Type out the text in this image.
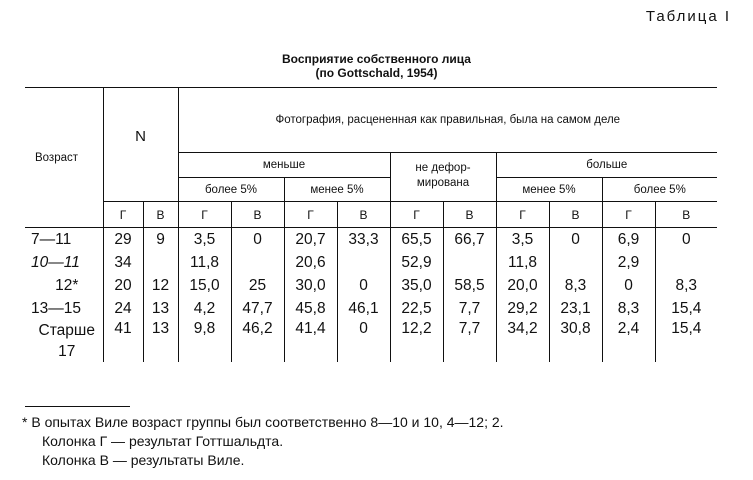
Таблица I
Восприятие собственного лица
(по Gottschald, 1954)
Возраст	N		Фотография, расцененная как правильная, была на самом деле									
			меньше				не дефор-мирована		больше			
			более 5%		менее 5%				менее 5%		более 5%	
	Г	В	Г	В	Г	В	Г	В	Г	В	Г	В
7—11	29	9	3,5	0	20,7	33,3	65,5	66,7	3,5	0	6,9	0
10—11	34		11,8		20,6		52,9		11,8		2,9	
12*	20	12	15,0	25	30,0	0	35,0	58,5	20,0	8,3	0	8,3
13—15	24	13	4,2	47,7	45,8	46,1	22,5	7,7	29,2	23,1	8,3	15,4
Старше 17	41	13	9,8	46,2	41,4	0	12,2	7,7	34,2	30,8	2,4	15,4
* В опытах Виле возраст группы был соответственно 8—10 и 10, 4—12; 2.
Колонка Г — результат Готтшальдта.
Колонка В — результаты Виле.
